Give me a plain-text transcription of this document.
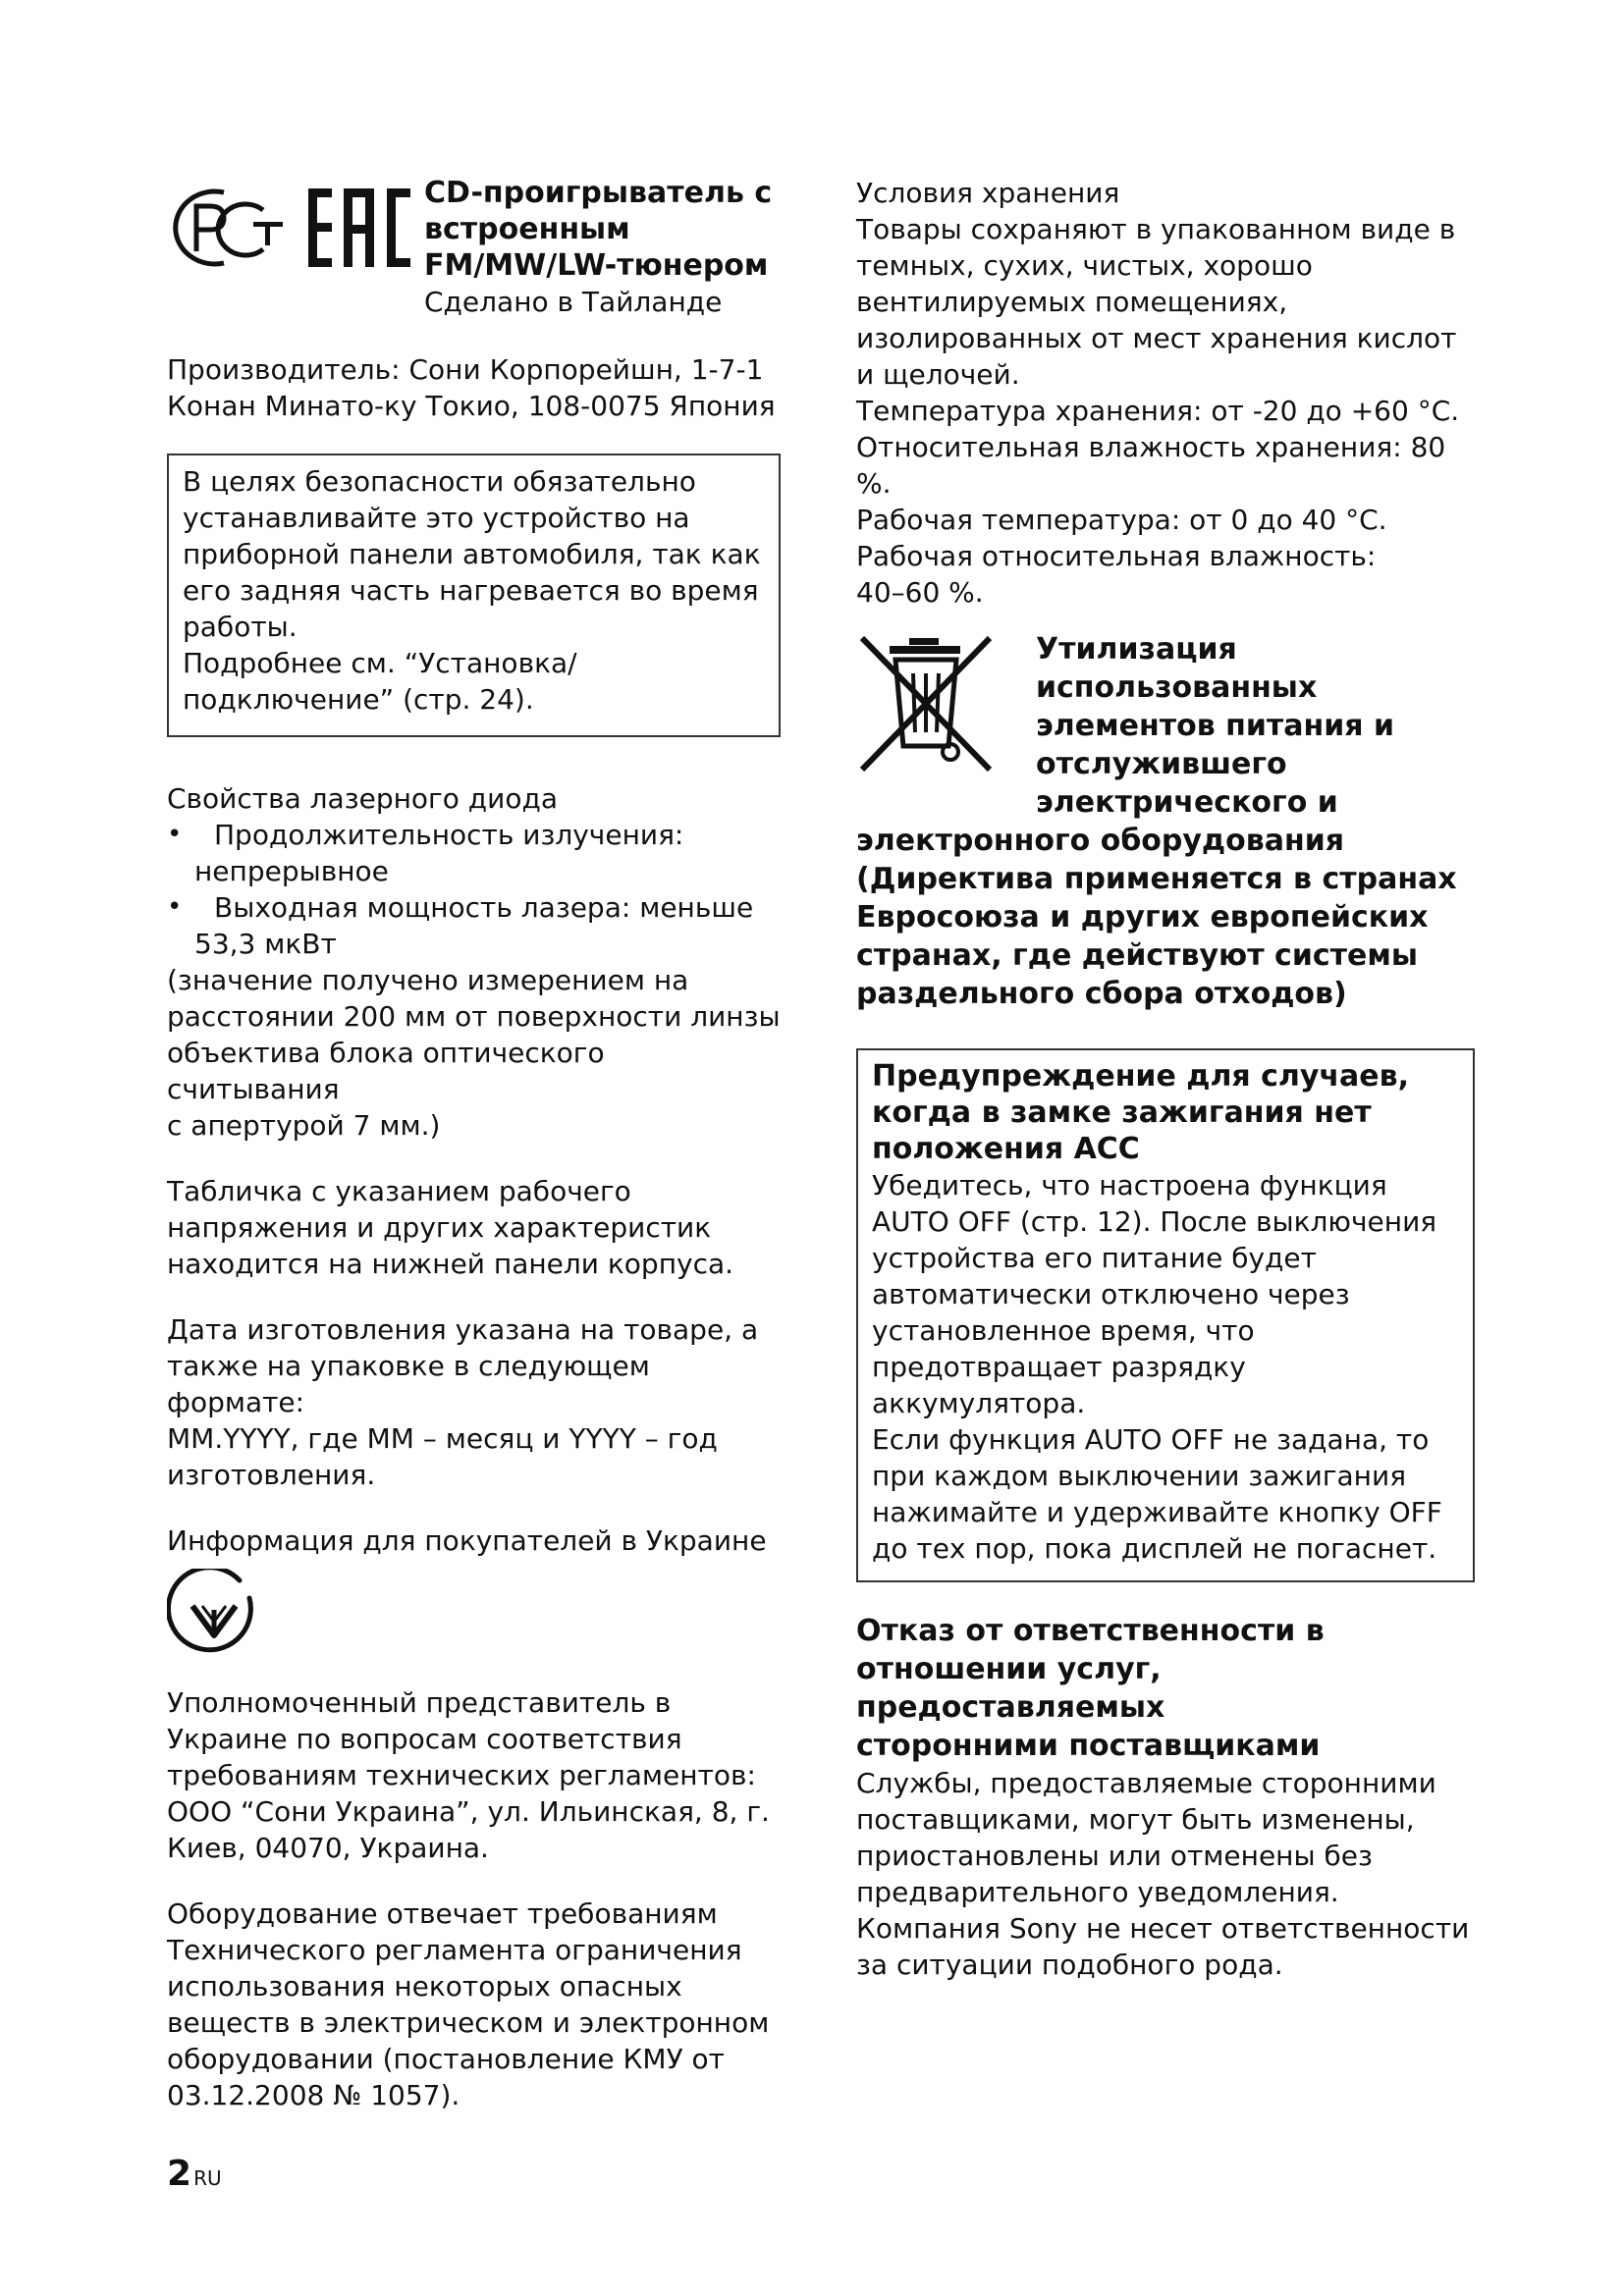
CD-проигрыватель с

встроенным

FM/MW/LW-тюнером

Сделано в Тайланде

Производитель: Сони Корпорейшн, 1-7-1

Конан Минато-ку Токио, 108-0075 Япония

В целях безопасности обязательно

устанавливайте это устройство на

приборной панели автомобиля, так как

его задняя часть нагревается во время

работы.

Подробнее см. “Установка/

подключение” (стр. 24).

Свойства лазерного диода

• Продолжительность излучения:
непрерывное
• Выходная мощность лазера: меньше
53,3 мкВт

(значение получено измерением на

расстоянии 200 мм от поверхности линзы

объектива блока оптического считывания

с апертурой 7 мм.)

Табличка с указанием рабочего

напряжения и других характеристик

находится на нижней панели корпуса.

Дата изготовления указана на товаре, а

также на упаковке в следующем

формате:

MM.YYYY, где MM – месяц и YYYY – год

изготовления.

Информация для покупателей в Украине

Уполномоченный представитель в

Украине по вопросам соответствия

требованиям технических регламентов:

ООО “Сони Украина”, ул. Ильинская, 8, г.

Киев, 04070, Украина.

Оборудование отвечает требованиям

Технического регламента ограничения

использования некоторых опасных

веществ в электрическом и электронном

оборудовании (постановление КМУ от

03.12.2008 № 1057).

Условия хранения

Товары сохраняют в упакованном виде в

темных, сухих, чистых, хорошо

вентилируемых помещениях,

изолированных от мест хранения кислот

и щелочей.

Температура хранения: от -20 до +60 °C.

Относительная влажность хранения: 80 %.

Рабочая температура: от 0 до 40 °C.

Рабочая относительная влажность:

40–60 %.

Утилизация

использованных

элементов питания и

отслужившего

электрического и

электронного оборудования

(Директива применяется в странах

Евросоюза и других европейских

странах, где действуют системы

раздельного сбора отходов)

Предупреждение для случаев,

когда в замке зажигания нет

положения ACC

Убедитесь, что настроена функция

AUTO OFF (стр. 12). После выключения

устройства его питание будет

автоматически отключено через

установленное время, что

предотвращает разрядку аккумулятора.

Если функция AUTO OFF не задана, то

при каждом выключении зажигания

нажимайте и удерживайте кнопку OFF

до тех пор, пока дисплей не погаснет.

Отказ от ответственности в

отношении услуг, предоставляемых

сторонними поставщиками

Службы, предоставляемые сторонними

поставщиками, могут быть изменены,

приостановлены или отменены без

предварительного уведомления.

Компания Sony не несет ответственности

за ситуации подобного рода.

2 RU
